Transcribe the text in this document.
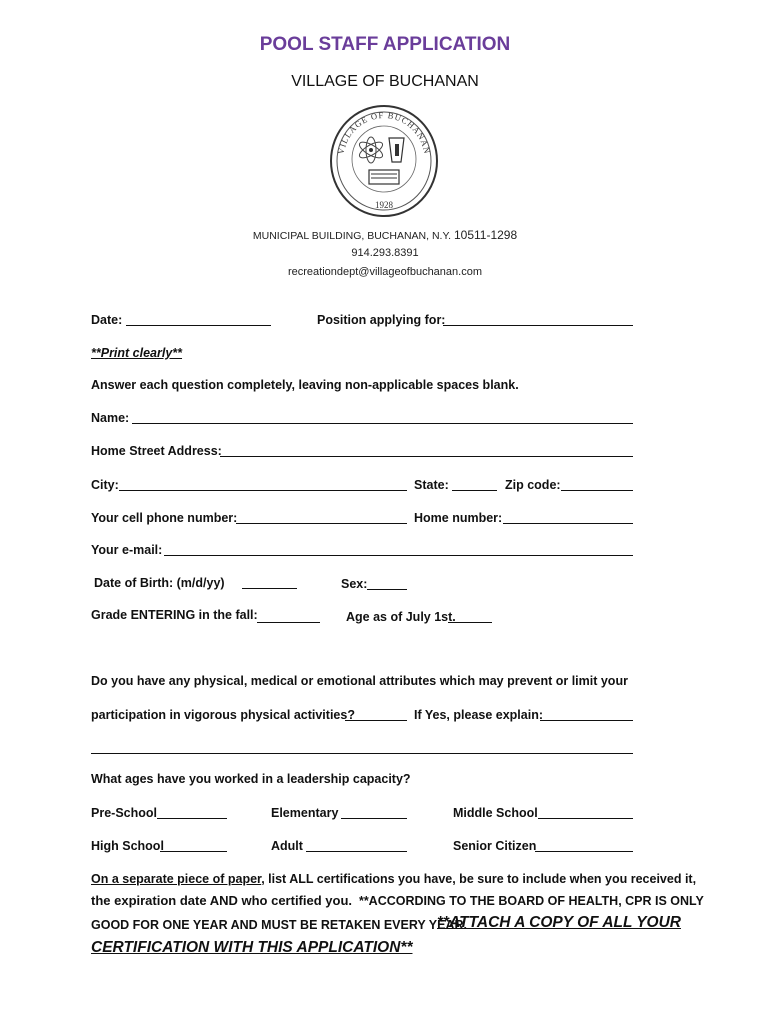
POOL STAFF APPLICATION
VILLAGE OF BUCHANAN
1928
VILLAGE OF BUCHANAN
MUNICIPAL BUILDING, BUCHANAN, N.Y. 10511-1298
914.293.8391
recreationdept@villageofbuchanan.com
Date:	Position applying for:
**Print clearly**
Answer each question completely, leaving non-applicable spaces blank.
Name:
Home Street Address:
City:	State:	Zip code:
Your cell phone number:	Home number:
Your e-mail:
Date of Birth: (m/d/yy)	Sex:
Grade ENTERING in the fall:	Age as of July 1st.
Do you have any physical, medical or emotional attributes which may prevent or limit your
participation in vigorous physical activities?	If Yes, please explain:
What ages have you worked in a leadership capacity?
Pre-School	Elementary	Middle School
High School	Adult	Senior Citizen
On a separate piece of paper, list ALL certifications you have, be sure to include when you received it,
the expiration date AND who certified you. **ACCORDING TO THE BOARD OF HEALTH, CPR IS ONLY
GOOD FOR ONE YEAR AND MUST BE RETAKEN EVERY YEAR.
**ATTACH A COPY OF ALL YOUR
CERTIFICATION WITH THIS APPLICATION**
